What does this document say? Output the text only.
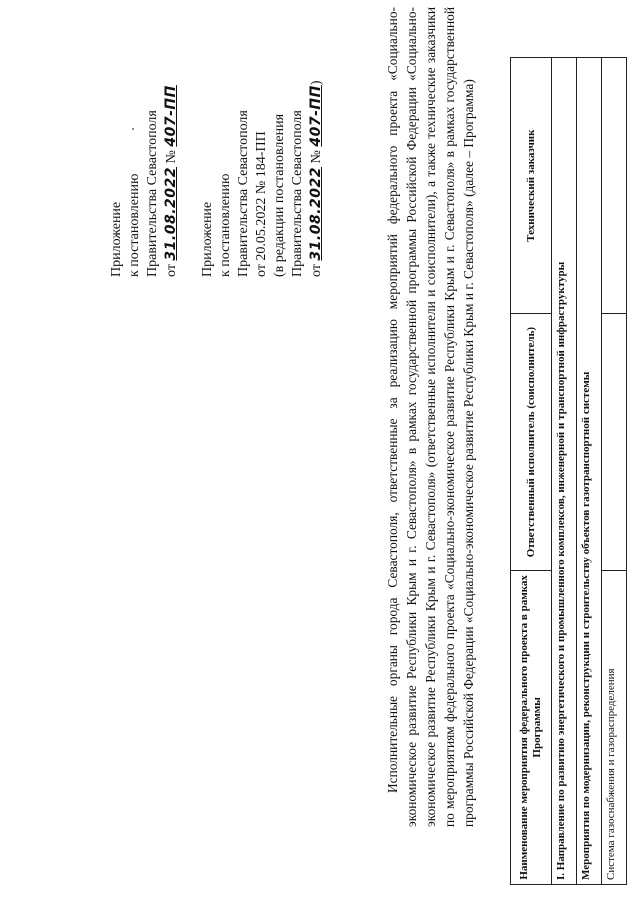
Приложение к постановлению Правительства Севастополя от 31.08.2022 № 407-ПП
Приложение к постановлению Правительства Севастополя от 20.05.2022 № 184-ПП (в редакции постановления Правительства Севастополя от 31.08.2022 № 407-ПП)	Исполнительные органы города Севастополя, ответственные за реализацию мероприятий федерального проекта «Социально-экономическое развитие Республики Крым и г. Севастополя» в рамках государственной программы Российской Федерации «Социально-экономическое развитие Республики Крым и г. Севастополя» (ответственные исполнители и соисполнители), а также технические заказчики по мероприятиям федерального проекта «Социально-экономическое развитие Республики Крым и г. Севастополя» в рамках государственной программы Российской Федерации «Социально-экономическое развитие Республики Крым и г. Севастополя» (далее – Программа)	Наименование мероприятия федерального проекта в рамках Программы	Ответственный исполнитель (соисполнитель)	Технический заказчик
I. Направление по развитию энергетического и промышленного комплексов, инженерной и транспортной инфраструктуры		
Мероприятия по модернизации, реконструкции и строительству объектов газотранспортной системы		
Система газоснабжения и газораспределения		
